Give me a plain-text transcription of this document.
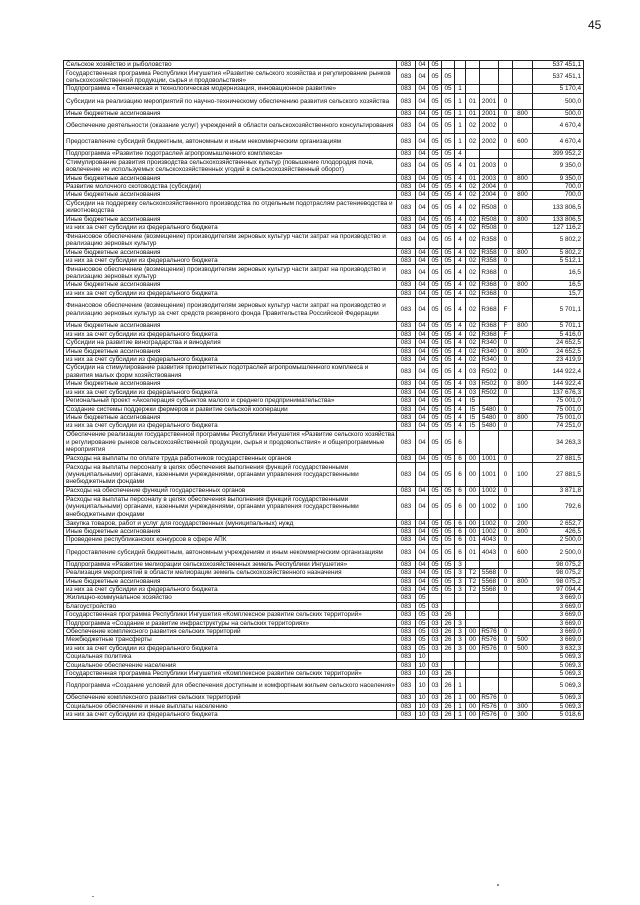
45
Сельское хозяйство и рыболовство	083	04	05							537 451,1
Государственная программа Республики Ингушетия «Развитие сельского хозяйства и регулирование рынков сельскохозяйственной продукции, сырья и продовольствия»	083	04	05	05						537 451,1
Подпрограмма «Техническая и технологическая модернизация, инновационное развитие»	083	04	05	05	1					5 170,4
Субсидии на реализацию мероприятий по научно-техническому обеспечению развития сельского хозяйства	083	04	05	05	1	01	2001	0		500,0
Иные бюджетные ассигнования	083	04	05	05	1	01	2001	0	800	500,0
Обеспечение деятельности (оказание услуг) учреждений в области сельскохозяйственного консультирования	083	04	05	05	1	02	2002	0		4 670,4
Предоставление субсидий бюджетным, автономным и иным некоммерческим организациям	083	04	05	05	1	02	2002	0	600	4 670,4
Подпрограмма «Развитие подотраслей агропромышленного комплекса»	083	04	05	05	4					399 952,2
Стимулирование развития производства сельскохозяйственных культур (повышение плодородия почв, вовлечение не используемых сельскохозяйственных угодий в сельскохозяйственный оборот)	083	04	05	05	4	01	2003	0		9 350,0
Иные бюджетные ассигнования	083	04	05	05	4	01	2003	0	800	9 350,0
Развитие молочного скотоводства (субсидии)	083	04	05	05	4	02	2004	0		700,0
Иные бюджетные ассигнования	083	04	05	05	4	02	2004	0	800	700,0
Субсидии на поддержку сельскохозяйственного производства по отдельным подотраслям растениеводства и животноводства	083	04	05	05	4	02	R508	0		133 806,5
Иные бюджетные ассигнования	083	04	05	05	4	02	R508	0	800	133 806,5
из них за счет субсидии из федерального бюджета	083	04	05	05	4	02	R508	0		127 116,2
Финансовое обеспечение (возмещение) производителям зерновых культур части затрат на производство и реализацию зерновых культур	083	04	05	05	4	02	R358	0		5 802,2
Иные бюджетные ассигнования	083	04	05	05	4	02	R358	0	800	5 802,2
из них за счет субсидии из федерального бюджета	083	04	05	05	4	02	R358	0		5 512,1
Финансовое обеспечение (возмещение) производителям зерновых культур части затрат на производство и реализацию зерновых культур	083	04	05	05	4	02	R368	0		16,5
Иные бюджетные ассигнования	083	04	05	05	4	02	R368	0	800	16,5
из них за счет субсидии из федерального бюджета	083	04	05	05	4	02	R368	0		15,7
Финансовое обеспечение (возмещение) производителям зерновых культур части затрат на производство и реализацию зерновых культур за счет средств резервного фонда Правительства Российской Федерации	083	04	05	05	4	02	R368	F		5 701,1
Иные бюджетные ассигнования	083	04	05	05	4	02	R368	F	800	5 701,1
из них за счет субсидии из федерального бюджета	083	04	05	05	4	02	R368	F		5 416,0
Субсидии на развитие виноградарства и виноделия	083	04	05	05	4	02	R340	0		24 652,5
Иные бюджетные ассигнования	083	04	05	05	4	02	R340	0	800	24 652,5
из них за счет субсидии из федерального бюджета	083	04	05	05	4	02	R340	0		23 419,9
Субсидии на стимулирование развития приоритетных подотраслей агропромышленного комплекса и развития малых форм хозяйствования	083	04	05	05	4	03	R502	0		144 922,4
Иные бюджетные ассигнования	083	04	05	05	4	03	R502	0	800	144 922,4
из них за счет субсидии из федерального бюджета	083	04	05	05	4	03	R502	0		137 676,3
Региональный проект «Акселерация субъектов малого и среднего предпринимательства»	083	04	05	05	4	I5				75 001,0
Создание системы поддержки фермеров и развитие сельской кооперации	083	04	05	05	4	I5	5480	0		75 001,0
Иные бюджетные ассигнования	083	04	05	05	4	I5	5480	0	800	75 001,0
из них за счет субсидии из федерального бюджета	083	04	05	05	4	I5	5480	0		74 251,0
Обеспечение реализации государственной программы Республики Ингушетия «Развитие сельского хозяйства и регулирование рынков сельскохозяйственной продукции, сырья и продовольствия» и общепрограммные мероприятия	083	04	05	05	6					34 263,3
Расходы на выплаты по оплате труда работников государственных органов	083	04	05	05	6	00	1001	0		27 881,5
Расходы на выплаты персоналу в целях обеспечения выполнения функций государственными (муниципальными) органами, казенными учреждениями, органами управления государственными внебюджетными фондами	083	04	05	05	6	00	1001	0	100	27 881,5
Расходы на обеспечение функций государственных органов	083	04	05	05	6	00	1002	0		3 871,8
Расходы на выплаты персоналу в целях обеспечения выполнения функций государственными (муниципальными) органами, казенными учреждениями, органами управления государственными внебюджетными фондами	083	04	05	05	6	00	1002	0	100	792,6
Закупка товаров, работ и услуг для государственных (муниципальных) нужд	083	04	05	05	6	00	1002	0	200	2 652,7
Иные бюджетные ассигнования	083	04	05	05	6	00	1002	0	800	426,5
Проведение республиканских конкурсов в сфере АПК	083	04	05	05	6	01	4043	0		2 500,0
Предоставление субсидий бюджетным, автономным учреждениям и иным некоммерческим организациям	083	04	05	05	6	01	4043	0	600	2 500,0
Подпрограмма «Развитие мелиорации сельскохозяйственных земель Республики Ингушетия»	083	04	05	05	3					98 075,2
Реализация мероприятий в области мелиорации земель сельскохозяйственного назначения	083	04	05	05	3	T2	5568	0		98 075,2
Иные бюджетные ассигнования	083	04	05	05	3	T2	5568	0	800	98 075,2
из них за счет субсидии из федерального бюджета	083	04	05	05	3	T2	5568	0		97 094,4
Жилищно-коммунальное хозяйство	083	05								3 669,0
Благоустройство	083	05	03							3 669,0
Государственная программа Республики Ингушетия «Комплексное развитие сельских территорий»	083	05	03	26						3 669,0
Подпрограмма «Создание и развитие инфраструктуры на сельских территориях»	083	05	03	26	3					3 669,0
Обеспечение комплексного развития сельских территорий	083	05	03	26	3	00	R576	0		3 669,0
Межбюджетные трансферты	083	05	03	26	3	00	R576	0	500	3 669,0
из них за счет субсидии из федерального бюджета	083	05	03	26	3	00	R576	0	500	3 632,3
Социальная политика	083	10								5 069,3
Социальное обеспечение населения	083	10	03							5 069,3
Государственная программа Республики Ингушетия «Комплексное развитие сельских территорий»	083	10	03	26						5 069,3
Подпрограмма «Создание условий для обеспечения доступным и комфортным жильем сельского населения»	083	10	03	26	1					5 069,3
Обеспечение комплексного развития сельских территорий	083	10	03	26	1	00	R576	0		5 069,3
Социальное обеспечение и иные выплаты населению	083	10	03	26	1	00	R576	0	300	5 069,3
из них за счет субсидии из федерального бюджета	083	10	03	26	1	00	R576	0	300	5 018,6
